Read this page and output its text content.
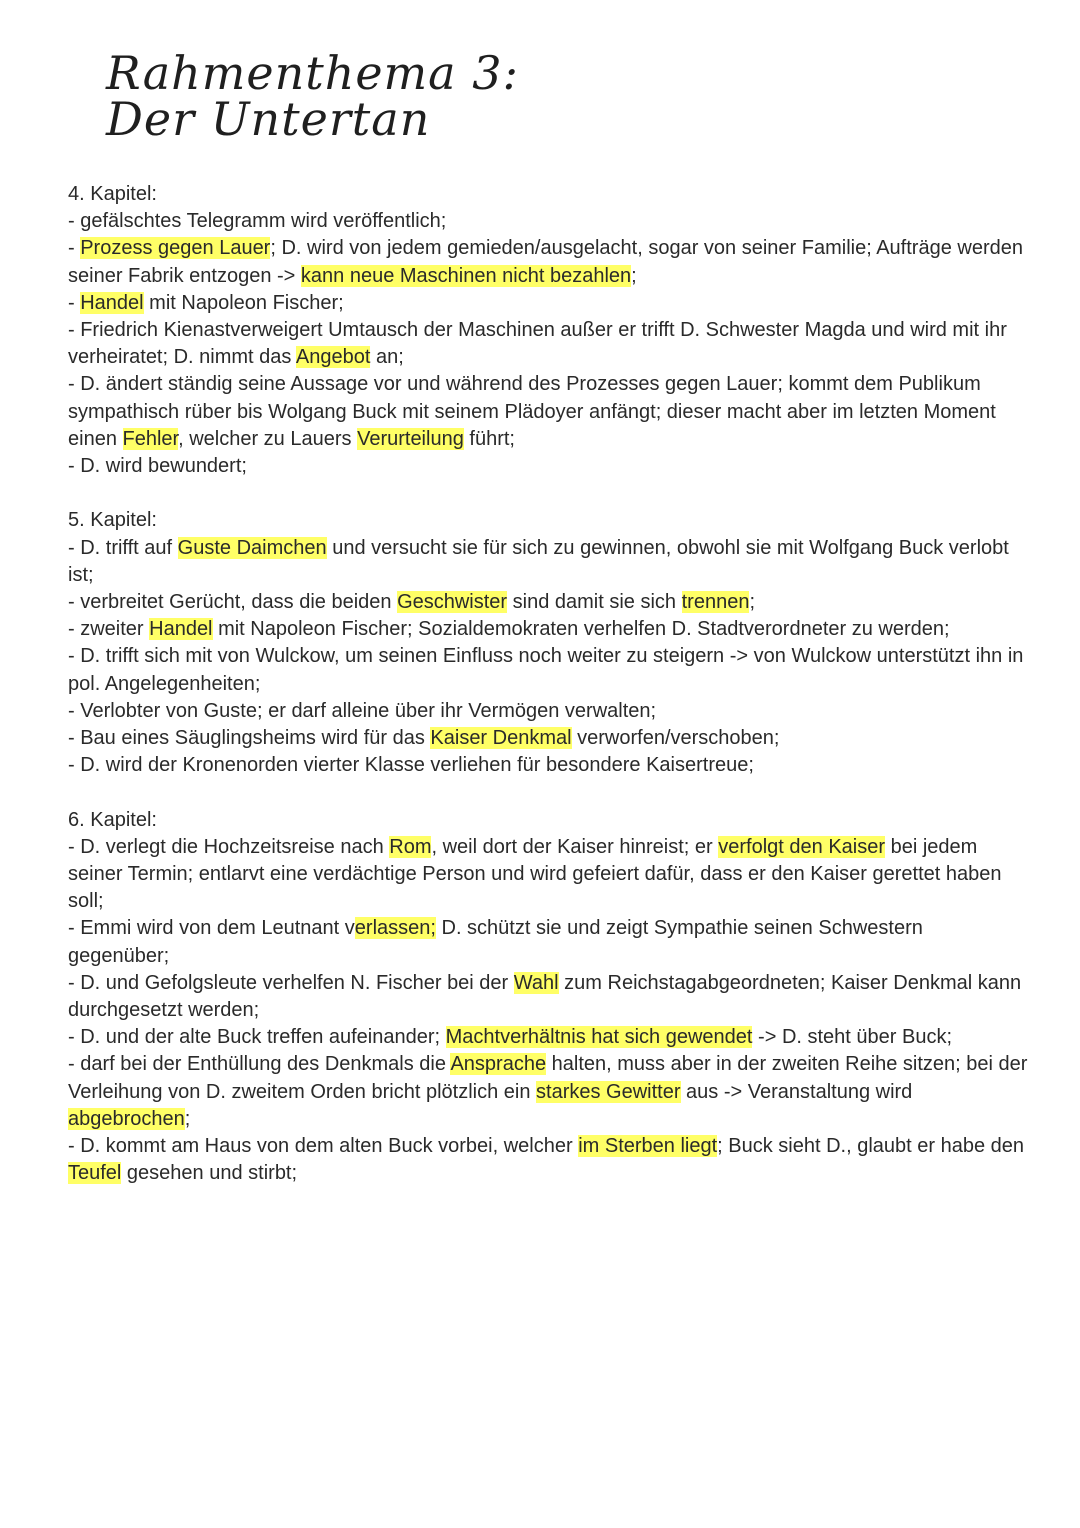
Rahmenthema 3:
Der Untertan
4. Kapitel:

- gefälschtes Telegramm wird veröffentlich;

- Prozess gegen Lauer; D. wird von jedem gemieden/ausgelacht, sogar von seiner Familie; Aufträge werden seiner Fabrik entzogen -> kann neue Maschinen nicht bezahlen;

- Handel mit Napoleon Fischer;

- Friedrich Kienastverweigert Umtausch der Maschinen außer er trifft D. Schwester Magda und wird mit ihr verheiratet; D. nimmt das Angebot an;

- D. ändert ständig seine Aussage vor und während des Prozesses gegen Lauer; kommt dem Publikum sympathisch rüber bis Wolgang Buck mit seinem Plädoyer anfängt; dieser macht aber im letzten Moment einen Fehler, welcher zu Lauers Verurteilung führt;

- D. wird bewundert;

5. Kapitel:

- D. trifft auf Guste Daimchen und versucht sie für sich zu gewinnen, obwohl sie mit Wolfgang Buck verlobt ist;

- verbreitet Gerücht, dass die beiden Geschwister sind damit sie sich trennen;

- zweiter Handel mit Napoleon Fischer; Sozialdemokraten verhelfen D. Stadtverordneter zu werden;

- D. trifft sich mit von Wulckow, um seinen Einfluss noch weiter zu steigern -> von Wulckow unterstützt ihn in pol. Angelegenheiten;

- Verlobter von Guste; er darf alleine über ihr Vermögen verwalten;

- Bau eines Säuglingsheims wird für das Kaiser Denkmal verworfen/verschoben;

- D. wird der Kronenorden vierter Klasse verliehen für besondere Kaisertreue;

6. Kapitel:

- D. verlegt die Hochzeitsreise nach Rom, weil dort der Kaiser hinreist; er verfolgt den Kaiser bei jedem seiner Termin; entlarvt eine verdächtige Person und wird gefeiert dafür, dass er den Kaiser gerettet haben soll;

- Emmi wird von dem Leutnant verlassen; D. schützt sie und zeigt Sympathie seinen Schwestern gegenüber;

- D. und Gefolgsleute verhelfen N. Fischer bei der Wahl zum Reichstagabgeordneten; Kaiser Denkmal kann durchgesetzt werden;

- D. und der alte Buck treffen aufeinander; Machtverhältnis hat sich gewendet -> D. steht über Buck;

- darf bei der Enthüllung des Denkmals die Ansprache halten, muss aber in der zweiten Reihe sitzen; bei der Verleihung von D. zweitem Orden bricht plötzlich ein starkes Gewitter aus -> Veranstaltung wird abgebrochen;

- D. kommt am Haus von dem alten Buck vorbei, welcher im Sterben liegt; Buck sieht D., glaubt er habe den Teufel gesehen und stirbt;
